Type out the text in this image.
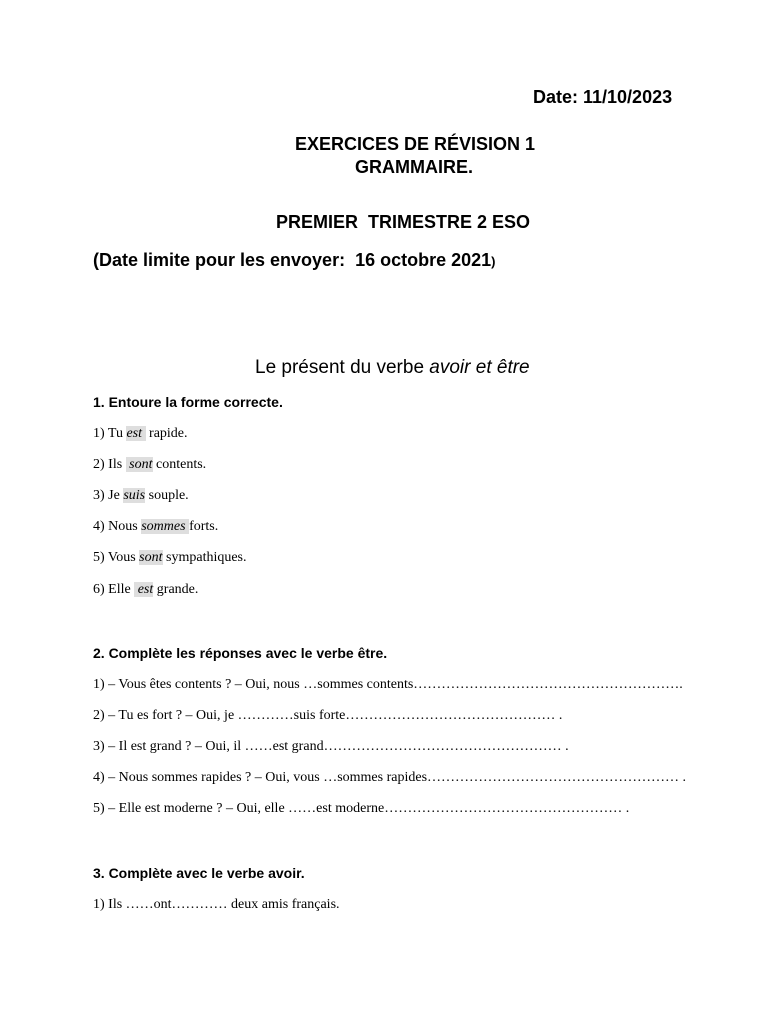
Date: 11/10/2023
EXERCICES DE RÉVISION 1
GRAMMAIRE.
PREMIER  TRIMESTRE 2 ESO
(Date limite pour les envoyer:  16 octobre 2021)
Le présent du verbe avoir et être
1. Entoure la forme correcte.
1) Tu est  rapide.
2) Ils  sont contents.
3) Je suis souple.
4) Nous sommes forts.
5) Vous sont sympathiques.
6) Elle  est grande.
2. Complète les réponses avec le verbe être.
1) – Vous êtes contents ? – Oui, nous …sommes contents………………………………………………….
2) – Tu es fort ? – Oui, je …………suis forte……………………………………… .
3) – Il est grand ? – Oui, il ……est grand…………………………………………… .
4) – Nous sommes rapides ? – Oui, vous …sommes rapides……………………………………………… .
5) – Elle est moderne ? – Oui, elle ……est moderne…………………………………………… .
3. Complète avec le verbe avoir.
1) Ils ……ont………… deux amis français.
